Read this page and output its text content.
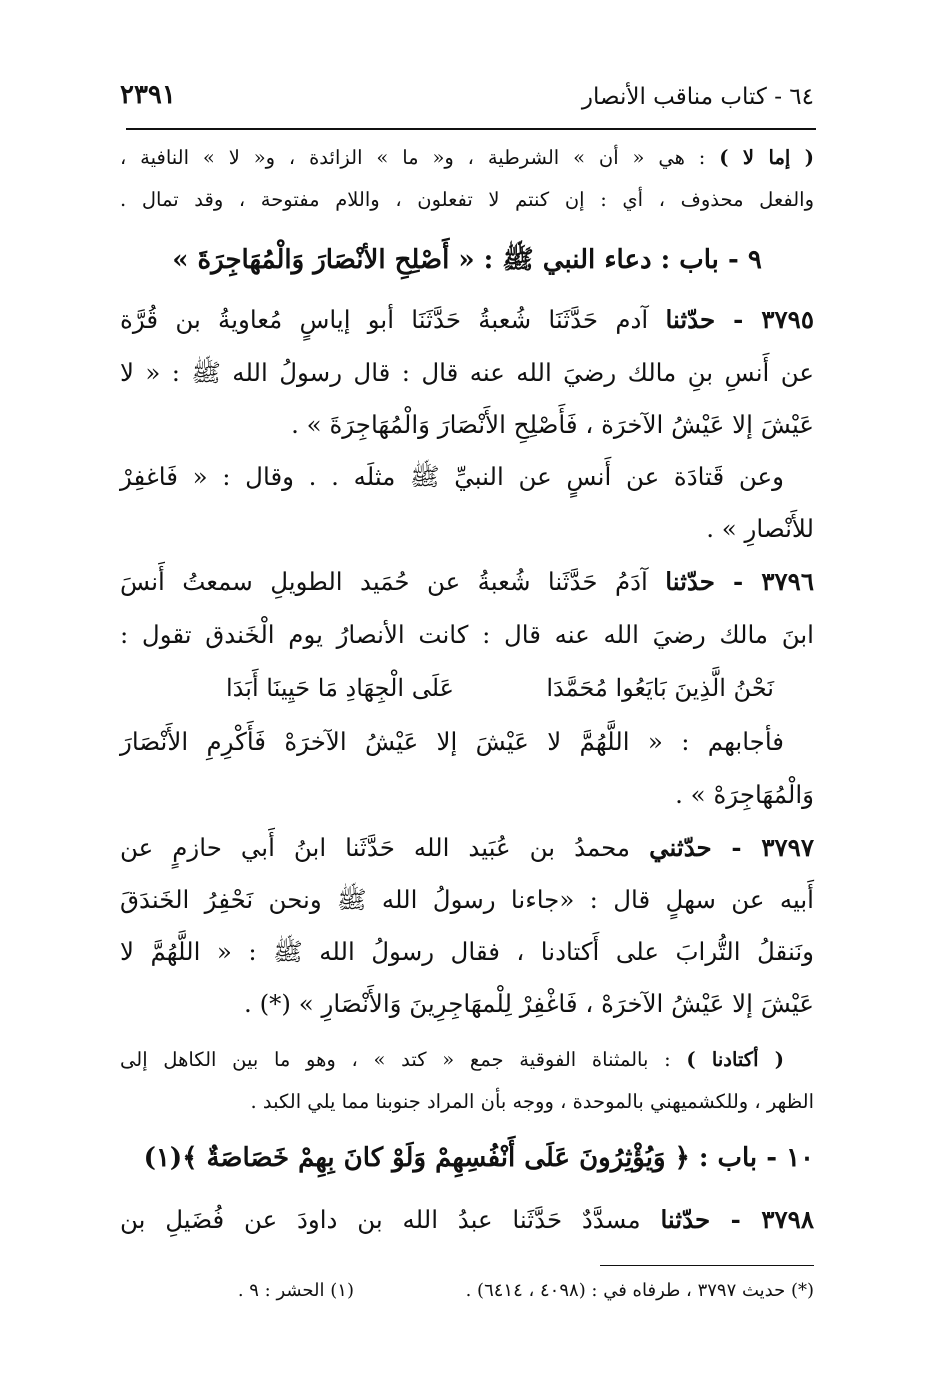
٦٤ - كتاب مناقب الأنصار
٢٣٩١
( إما لا ) : هي « أن » الشرطية ، و« ما » الزائدة ، و« لا » النافية ،
والفعل محذوف ، أي : إن كنتم لا تفعلون ، واللام مفتوحة ، وقد تمال .
٩ - باب : دعاء النبي ﷺ : « أَصْلِحِ الأنْصَارَ وَالْمُهَاجِرَةَ »
٣٧٩٥ - حدّثنا آدم حَدَّثَنَا شُعبةُ حَدَّثَنَا أبو إياسٍ مُعاويةُ بن قُرَّة
عن أَنسِ بنِ مالك رضيَ الله عنه قال : قال رسولُ الله ﷺ : « لا
عَيْشَ إلا عَيْشُ الآخرَة ، فَأَصْلِحِ الأَنْصَارَ وَالْمُهَاجِرَةَ » .
وعن قَتادَة عن أَنسٍ عن النبيِّ ﷺ مثلَه . . وقال : « فَاغفِرْ
للأَنْصارِ » .
٣٧٩٦ - حدّثنا آدَمُ حَدَّثَنا شُعبةُ عن حُمَيد الطويلِ سمعتُ أَنسَ
ابنَ مالك رضيَ الله عنه قال : كانت الأنصارُ يوم الْخَندق تقول :
نَحْنُ الَّذِينَ بَايَعُوا مُحَمَّدَا
عَلَى الْجِهَادِ مَا حَيِينَا أَبَدَا
فأجابهم : « اللَّهُمَّ لا عَيْشَ إلا عَيْشُ الآخرَهْ فَأَكْرِمِ الأَنْصَارَ
وَالْمُهَاجِرَهْ » .
٣٧٩٧ - حدّثني محمدُ بن عُبَيد الله حَدَّثَنا ابنُ أَبي حازمٍ عن
أَبيه عن سهلٍ قال : «جاءنا رسولُ الله ﷺ ونحن نَحْفِرُ الخَندَقَ
ونَنقلُ التُّرابَ على أَكتادنا ، فقال رسولُ الله ﷺ : « اللَّهُمَّ لا
عَيْشَ إلا عَيْشُ الآخرَهْ ، فَاغْفِرْ لِلْمهَاجِرِينَ وَالأَنْصَارِ » (*) .
( أكتادنا ) : بالمثناة الفوقية جمع « كتد » ، وهو ما بين الكاهل إلى
الظهر ، وللكشميهني بالموحدة ، ووجه بأن المراد جنوبنا مما يلي الكبد .
١٠ - باب : ﴿ وَيُؤْثِرُونَ عَلَى أَنْفُسِهِمْ وَلَوْ كانَ بِهِمْ خَصَاصَةٌ ﴾(١)
٣٧٩٨ - حدّثنا مسدَّدٌ حَدَّثَنا عبدُ الله بن داودَ عن فُضَيلِ بن
(*) حديث ٣٧٩٧ ، طرفاه في : (٤٠٩٨ ، ٦٤١٤) .
(١) الحشر : ٩ .
